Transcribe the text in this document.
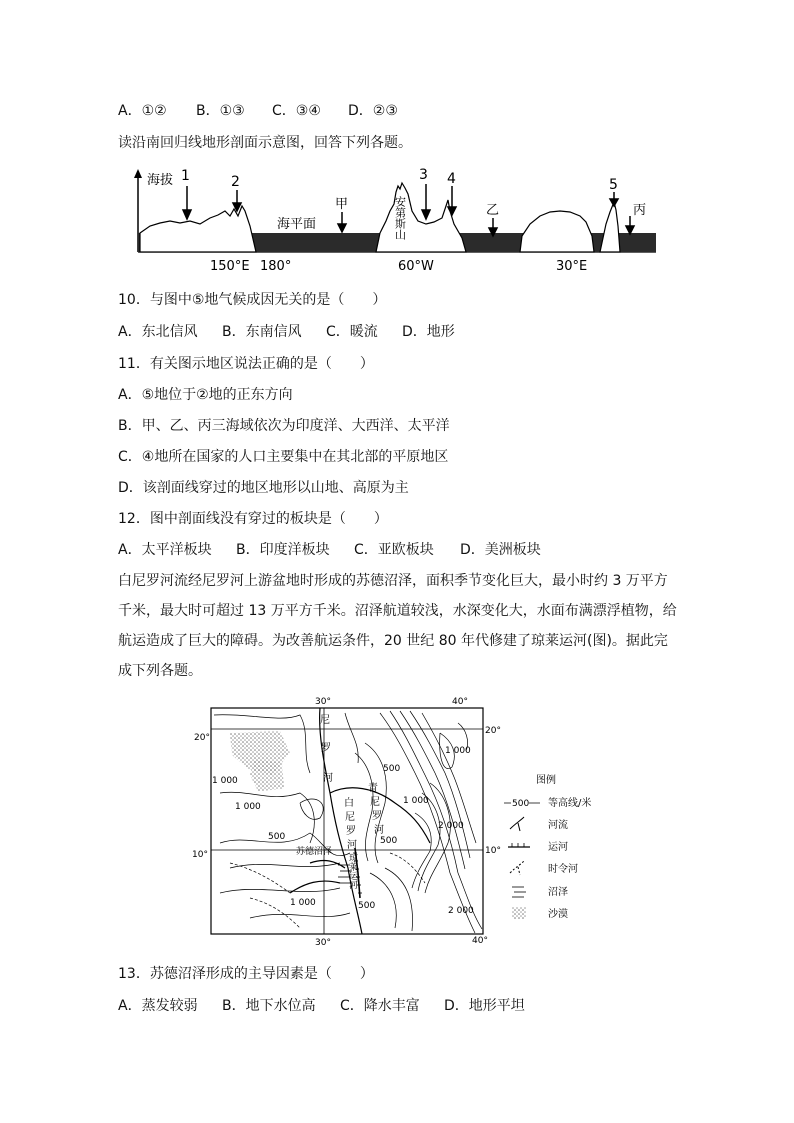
A．①② B．①③ C．③④ D．②③
读沿南回归线地形剖面示意图，回答下列各题。
海拔 1	2	3 4	5
海平面
甲	乙	丙
安第斯山
150°E 180°	60°W	30°E
10．与图中⑤地气候成因无关的是（　　）
A．东北信风 B．东南信风 C．暖流 D．地形
11．有关图示地区说法正确的是（　　）
A．⑤地位于②地的正东方向
B．甲、乙、丙三海域依次为印度洋、大西洋、太平洋
C．④地所在国家的人口主要集中在其北部的平原地区
D．该剖面线穿过的地区地形以山地、高原为主
12．图中剖面线没有穿过的板块是（　　）
A．太平洋板块 B．印度洋板块 C．亚欧板块 D．美洲板块
白尼罗河流经尼罗河上游盆地时形成的苏德沼泽，面积季节变化巨大，最小时约 3 万平方千米，最大时可超过 13 万平方千米。沼泽航道较浅，水深变化大，水面布满漂浮植物，给航运造成了巨大的障碍。为改善航运条件，20 世纪 80 年代修建了琼莱运河(图)。据此完成下列各题。
30°	40°
30°	40°
20°
20°
10°	10°
1 000
1 000
1 000
500
500
500
1 000
500
2 000
1 000
2 000
尼
罗
河
白
尼
罗
河
青
尼
罗
河
苏德沼泽
琼莱运河
图例
500 等高线/米
河流
运河
时令河
沼泽
沙漠
13．苏德沼泽形成的主导因素是（　　）
A．蒸发较弱 B．地下水位高 C．降水丰富 D．地形平坦
